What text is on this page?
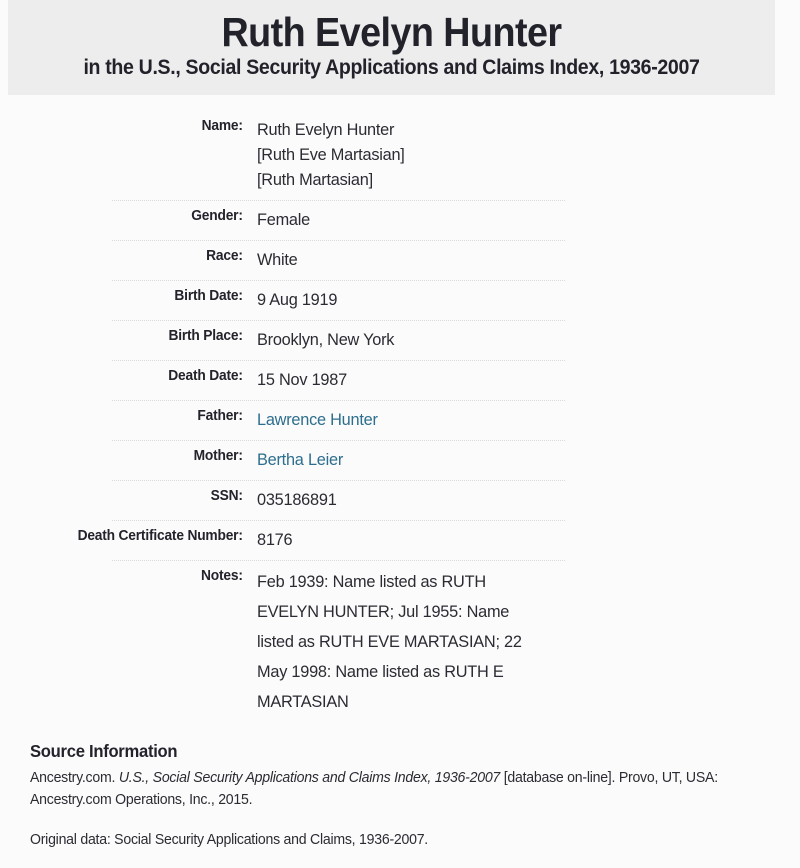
Ruth Evelyn Hunter
in the U.S., Social Security Applications and Claims Index, 1936-2007
Name: Ruth Evelyn Hunter
[Ruth Eve Martasian]
[Ruth Martasian]
Gender: Female
Race: White
Birth Date: 9 Aug 1919
Birth Place: Brooklyn, New York
Death Date: 15 Nov 1987
Father: Lawrence Hunter
Mother: Bertha Leier
SSN: 035186891
Death Certificate Number: 8176
Notes: Feb 1939: Name listed as RUTH EVELYN HUNTER; Jul 1955: Name listed as RUTH EVE MARTASIAN; 22 May 1998: Name listed as RUTH E MARTASIAN
Source Information

Ancestry.com. U.S., Social Security Applications and Claims Index, 1936-2007 [database on-line]. Provo, UT, USA: Ancestry.com Operations, Inc., 2015.

Original data: Social Security Applications and Claims, 1936-2007.
